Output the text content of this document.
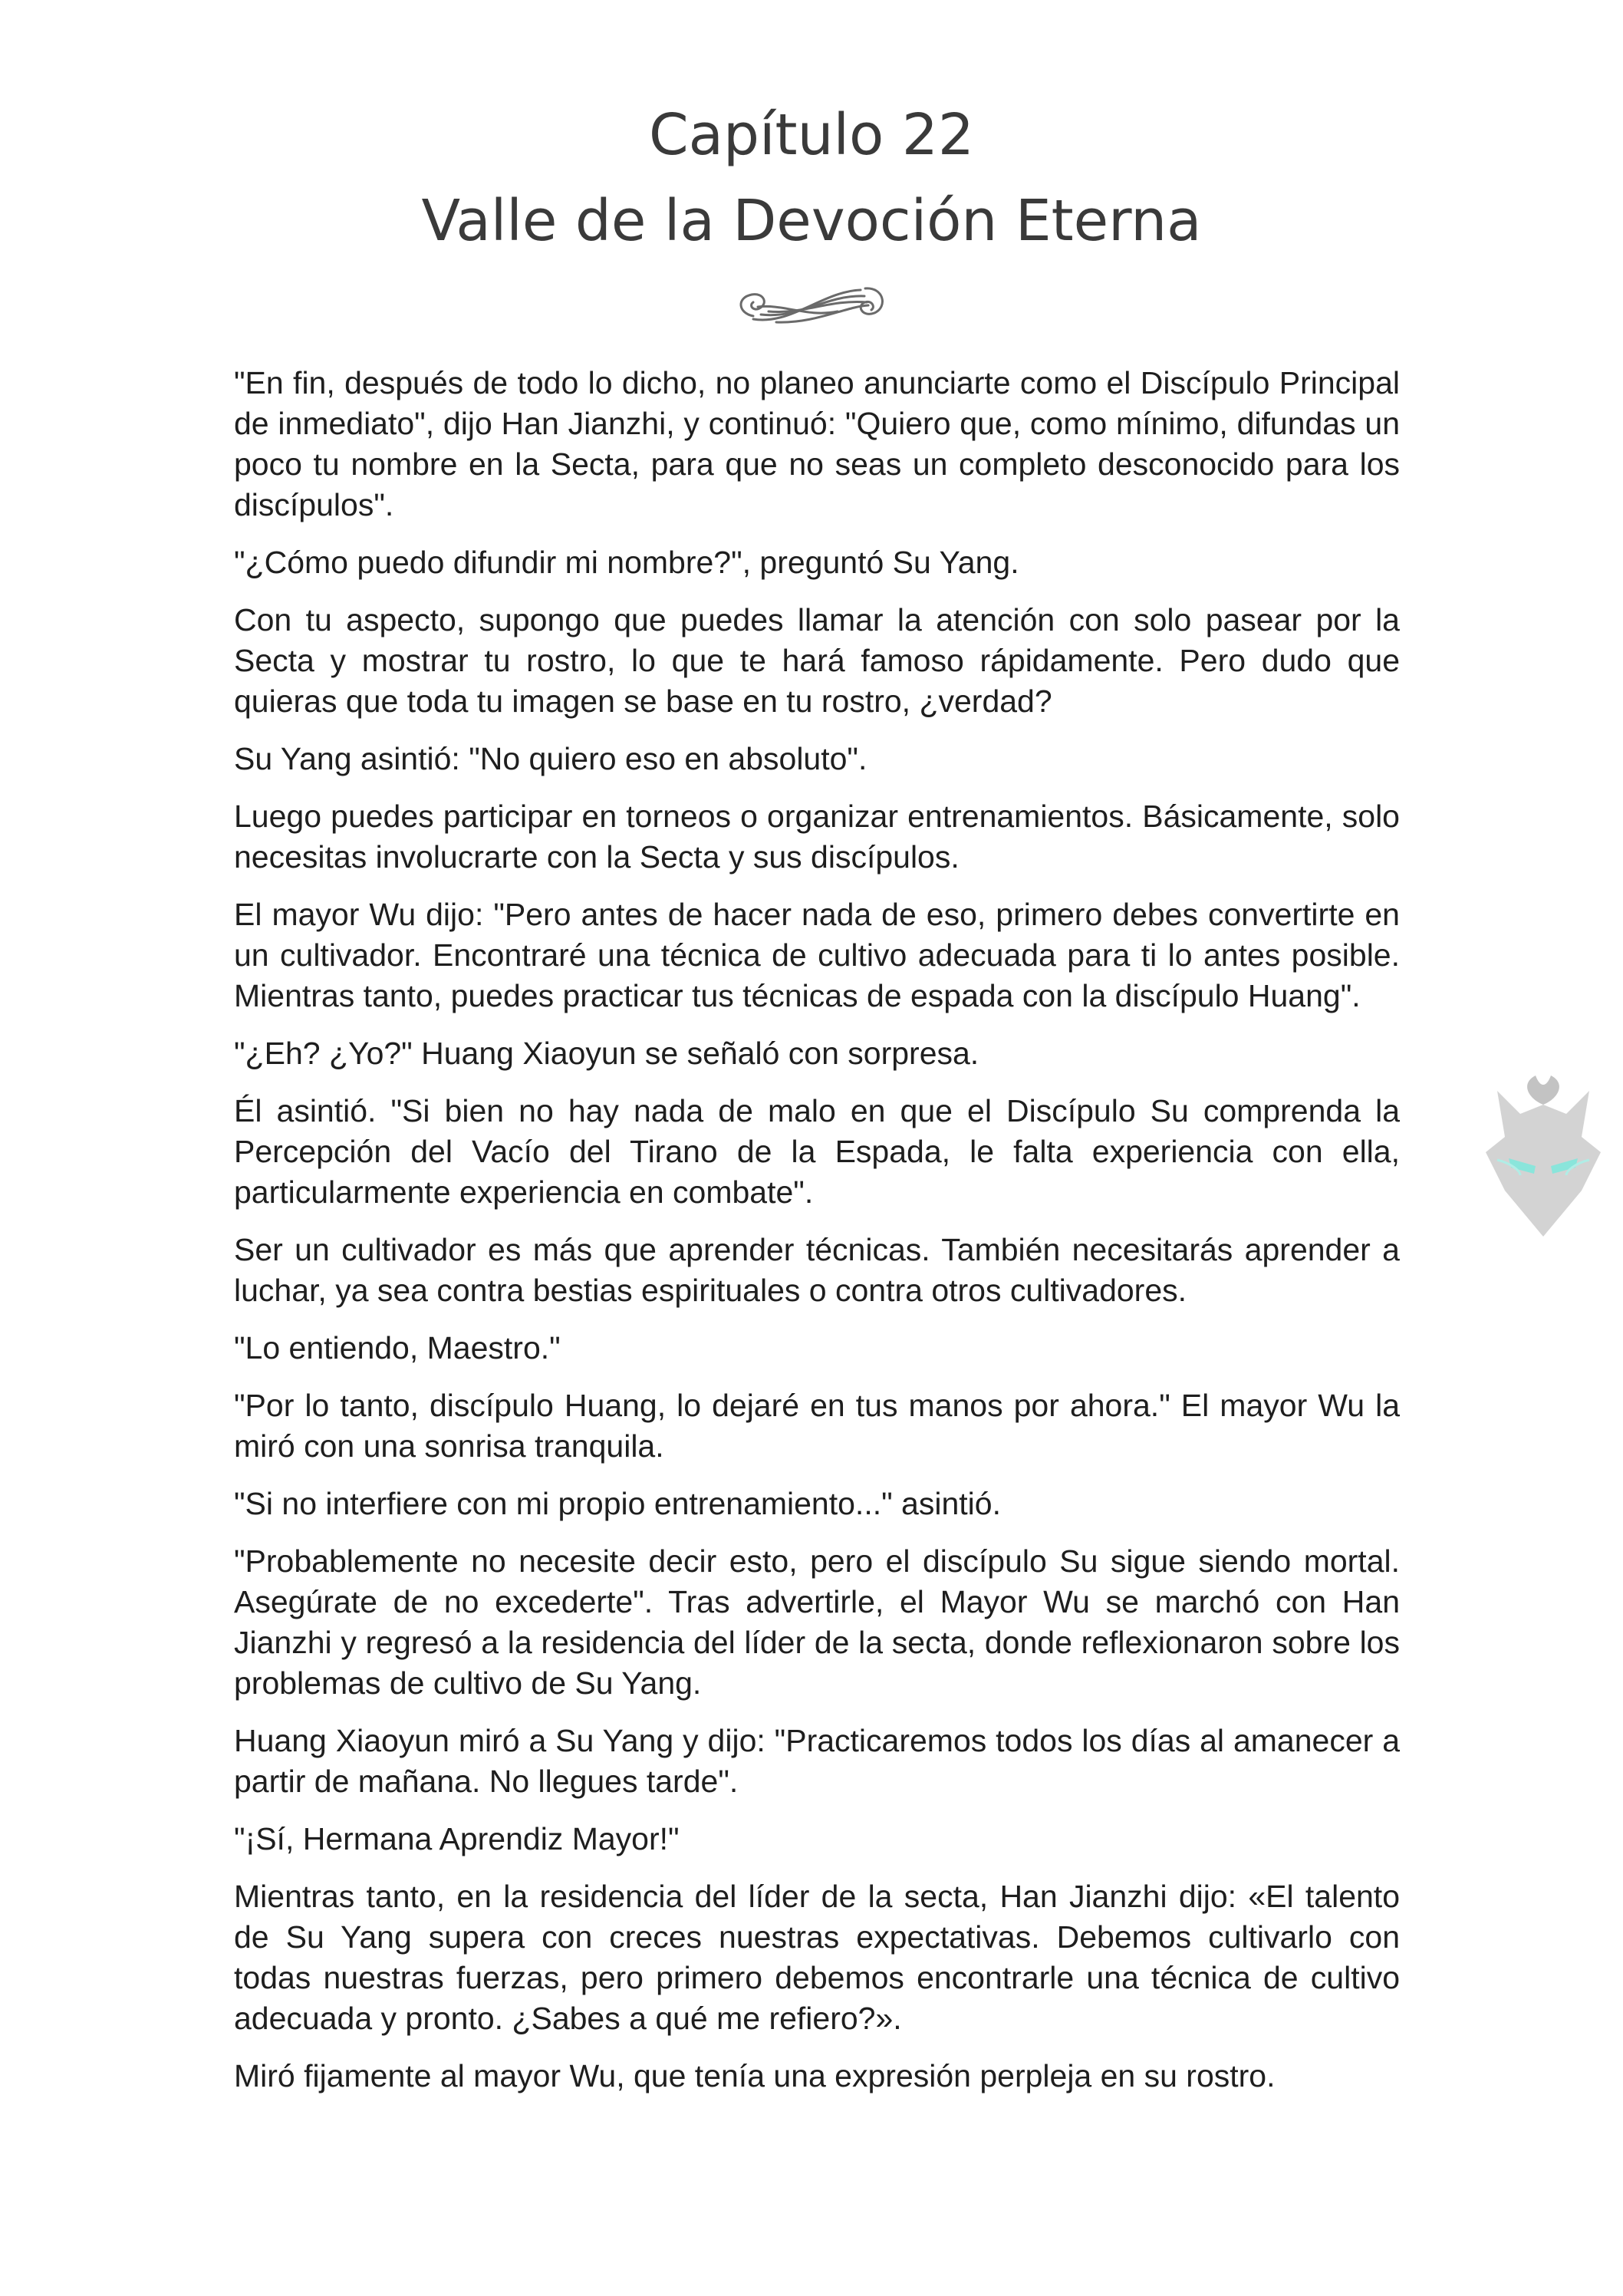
Capítulo 22
Valle de la Devoción Eterna

"En fin, después de todo lo dicho, no planeo anunciarte como el Discípulo Principal de inmediato", dijo Han Jianzhi, y continuó: "Quiero que, como mínimo, difundas un poco tu nombre en la Secta, para que no seas un completo desconocido para los discípulos".

"¿Cómo puedo difundir mi nombre?", preguntó Su Yang.

Con tu aspecto, supongo que puedes llamar la atención con solo pasear por la Secta y mostrar tu rostro, lo que te hará famoso rápidamente. Pero dudo que quieras que toda tu imagen se base en tu rostro, ¿verdad?

Su Yang asintió: "No quiero eso en absoluto".

Luego puedes participar en torneos o organizar entrenamientos. Básicamente, solo necesitas involucrarte con la Secta y sus discípulos.

El mayor Wu dijo: "Pero antes de hacer nada de eso, primero debes convertirte en un cultivador. Encontraré una técnica de cultivo adecuada para ti lo antes posible. Mientras tanto, puedes practicar tus técnicas de espada con la discípulo Huang".

"¿Eh? ¿Yo?" Huang Xiaoyun se señaló con sorpresa.

Él asintió. "Si bien no hay nada de malo en que el Discípulo Su comprenda la Percepción del Vacío del Tirano de la Espada, le falta experiencia con ella, particularmente experiencia en combate".

Ser un cultivador es más que aprender técnicas. También necesitarás aprender a luchar, ya sea contra bestias espirituales o contra otros cultivadores.

"Lo entiendo, Maestro."

"Por lo tanto, discípulo Huang, lo dejaré en tus manos por ahora." El mayor Wu la miró con una sonrisa tranquila.

"Si no interfiere con mi propio entrenamiento..." asintió.

"Probablemente no necesite decir esto, pero el discípulo Su sigue siendo mortal. Asegúrate de no excederte". Tras advertirle, el Mayor Wu se marchó con Han Jianzhi y regresó a la residencia del líder de la secta, donde reflexionaron sobre los problemas de cultivo de Su Yang.

Huang Xiaoyun miró a Su Yang y dijo: "Practicaremos todos los días al amanecer a partir de mañana. No llegues tarde".

"¡Sí, Hermana Aprendiz Mayor!"

Mientras tanto, en la residencia del líder de la secta, Han Jianzhi dijo: «El talento de Su Yang supera con creces nuestras expectativas. Debemos cultivarlo con todas nuestras fuerzas, pero primero debemos encontrarle una técnica de cultivo adecuada y pronto. ¿Sabes a qué me refiero?».

Miró fijamente al mayor Wu, que tenía una expresión perpleja en su rostro.
